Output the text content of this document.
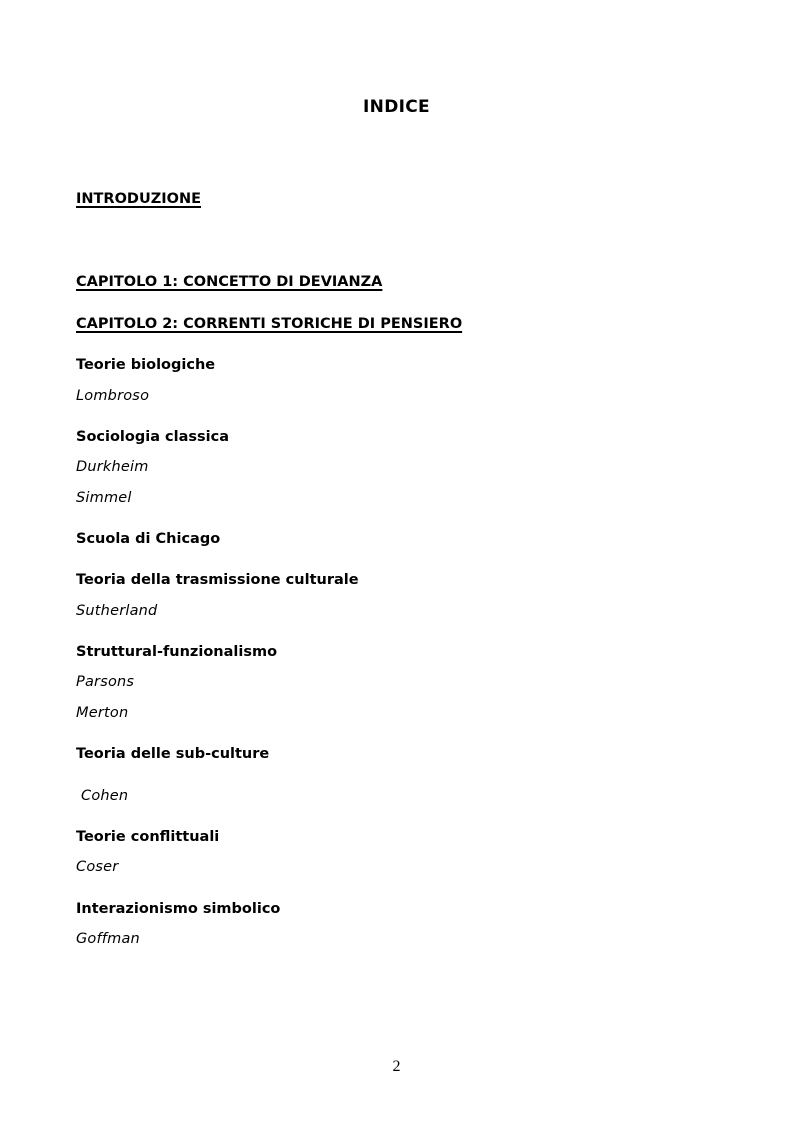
INDICE
INTRODUZIONE
CAPITOLO 1: CONCETTO DI DEVIANZA
CAPITOLO 2: CORRENTI STORICHE DI PENSIERO
Teorie biologiche
Lombroso
Sociologia classica
Durkheim
Simmel
Scuola di Chicago
Teoria della trasmissione culturale
Sutherland
Struttural-funzionalismo
Parsons
Merton
Teoria delle sub-culture
Cohen
Teorie conflittuali
Coser
Interazionismo simbolico
Goffman
2
